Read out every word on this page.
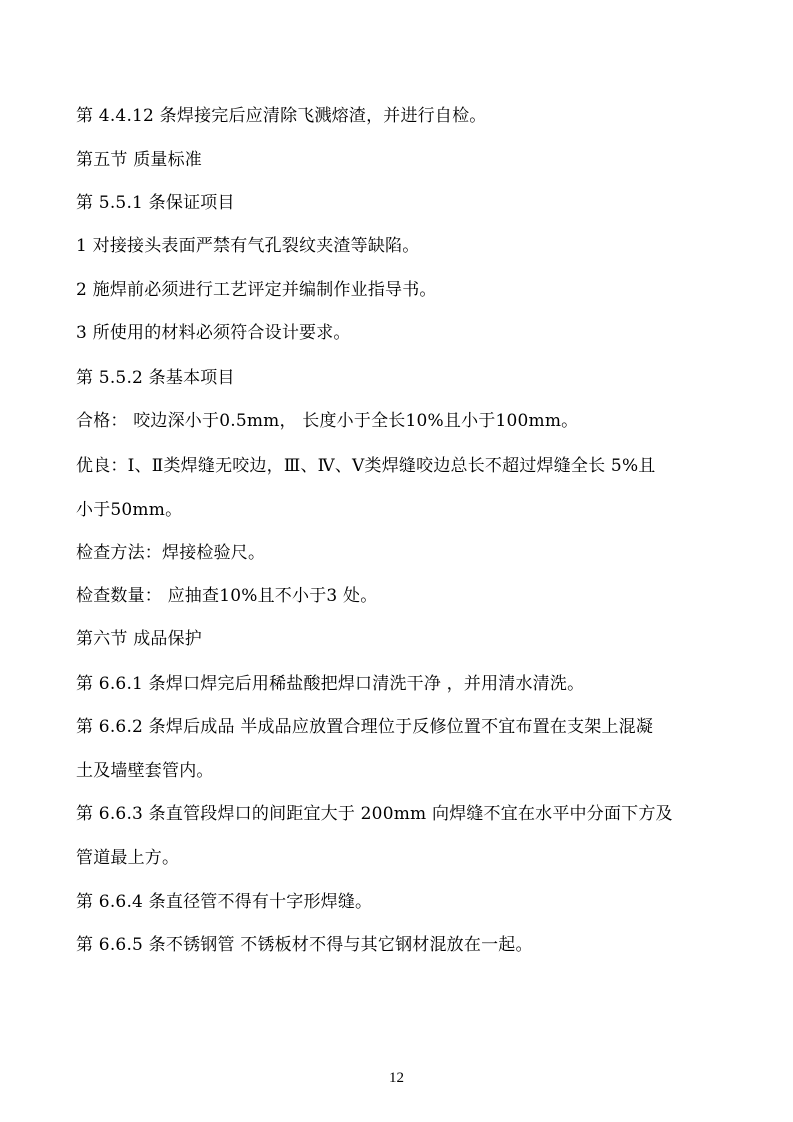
第 4.4.12 条焊接完后应清除飞溅熔渣，并进行自检。
第五节 质量标准
第 5.5.1 条保证项目
1 对接接头表面严禁有气孔裂纹夹渣等缺陷。
2 施焊前必须进行工艺评定并编制作业指导书。
3 所使用的材料必须符合设计要求。
第 5.5.2 条基本项目
合格： 咬边深小于0.5mm， 长度小于全长10%且小于100mm。
优良：Ⅰ、Ⅱ类焊缝无咬边，Ⅲ、Ⅳ、Ⅴ类焊缝咬边总长不超过焊缝全长 5%且
小于50mm。
检查方法：焊接检验尺。
检查数量： 应抽查10%且不小于3 处。
第六节 成品保护
第 6.6.1 条焊口焊完后用稀盐酸把焊口清洗干净 ，并用清水清洗。
第 6.6.2 条焊后成品 半成品应放置合理位于反修位置不宜布置在支架上混凝
土及墙壁套管内。
第 6.6.3 条直管段焊口的间距宜大于 200mm 向焊缝不宜在水平中分面下方及
管道最上方。
第 6.6.4 条直径管不得有十字形焊缝。
第 6.6.5 条不锈钢管 不锈板材不得与其它钢材混放在一起。
12
